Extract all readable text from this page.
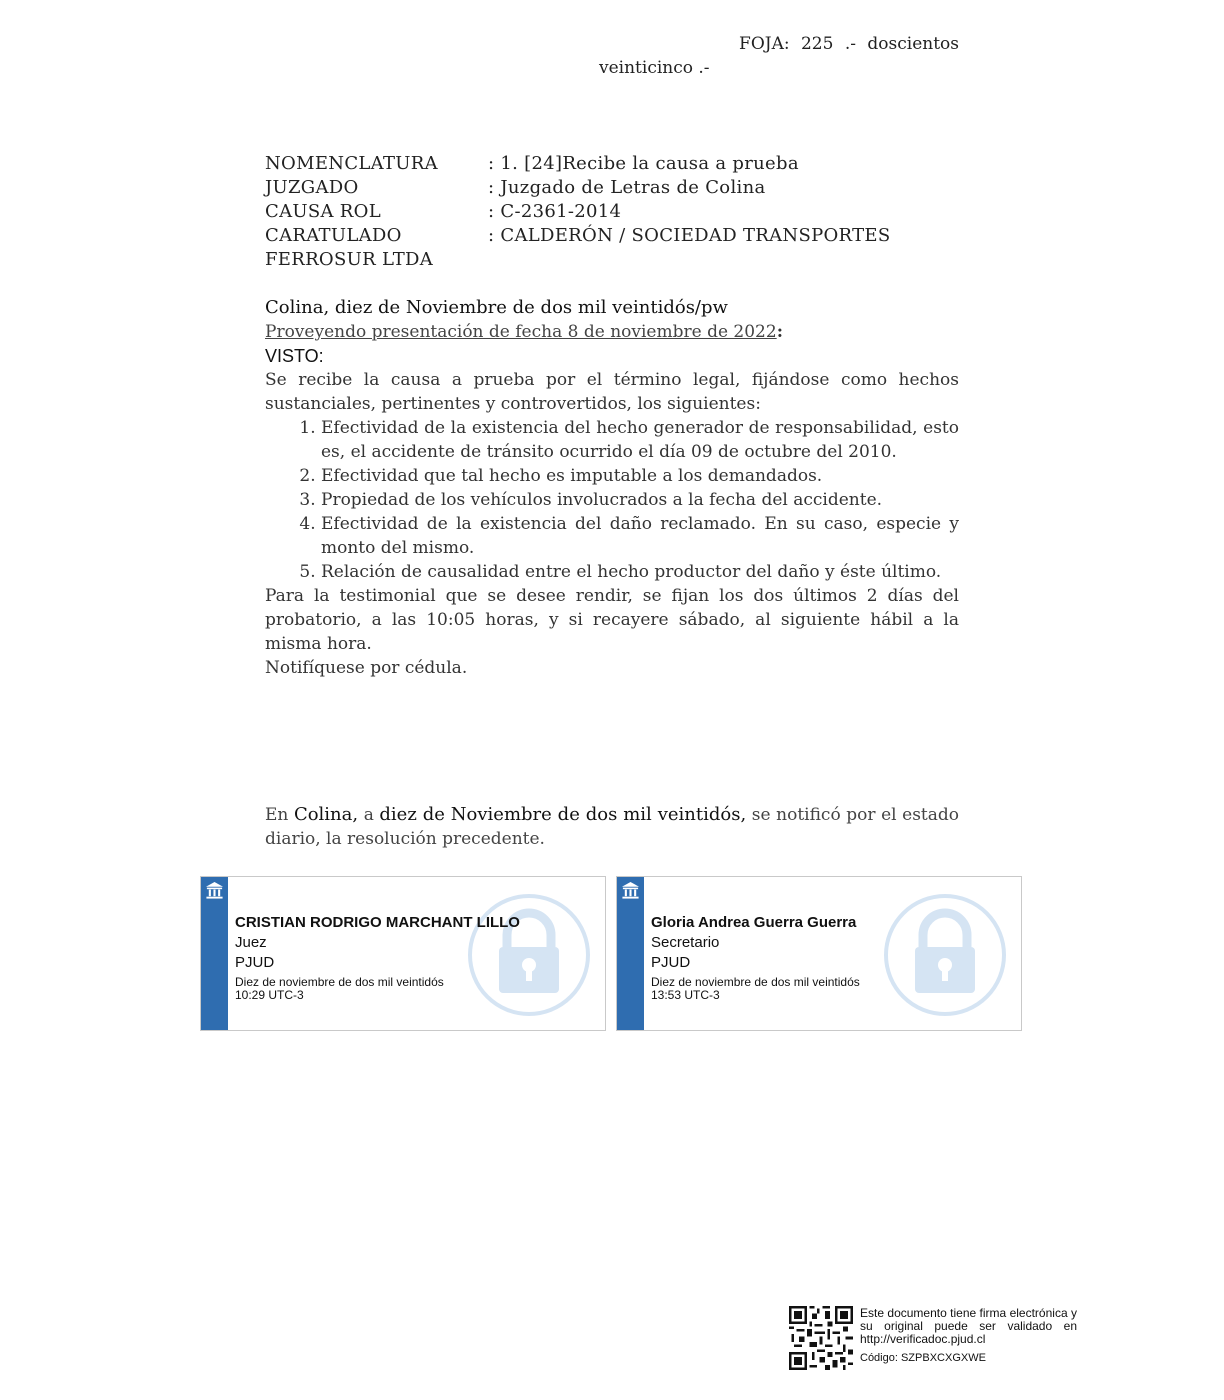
FOJA: 225 .- doscientos
veinticinco .-
NOMENCLATURA	: 1. [24]Recibe la causa a prueba
JUZGADO	: Juzgado de Letras de Colina
CAUSA ROL	: C-2361-2014
CARATULADO	: CALDERÓN / SOCIEDAD TRANSPORTES
FERROSUR LTDA
Colina, diez de Noviembre de dos mil veintidós/pw
Proveyendo presentación de fecha 8 de noviembre de 2022:
VISTO:
Se recibe la causa a prueba por el término legal, fijándose como hechos sustanciales, pertinentes y controvertidos, los siguientes:
1. Efectividad de la existencia del hecho generador de responsabilidad, esto es, el accidente de tránsito ocurrido el día 09 de octubre del 2010.
2. Efectividad que tal hecho es imputable a los demandados.
3. Propiedad de los vehículos involucrados a la fecha del accidente.
4. Efectividad de la existencia del daño reclamado. En su caso, especie y monto del mismo.
5. Relación de causalidad entre el hecho productor del daño y éste último.
Para la testimonial que se desee rendir, se fijan los dos últimos 2 días del probatorio, a las 10:05 horas, y si recayere sábado, al siguiente hábil a la misma hora.
Notifíquese por cédula.
En Colina, a diez de Noviembre de dos mil veintidós, se notificó por el estado diario, la resolución precedente.
CRISTIAN RODRIGO MARCHANT LILLO
Juez
PJUD
Diez de noviembre de dos mil veintidós
10:29 UTC-3
Gloria Andrea Guerra Guerra
Secretario
PJUD
Diez de noviembre de dos mil veintidós
13:53 UTC-3
Este documento tiene firma electrónica y su original puede ser validado en http://verificadoc.pjud.cl
Código: SZPBXCXGXWE
